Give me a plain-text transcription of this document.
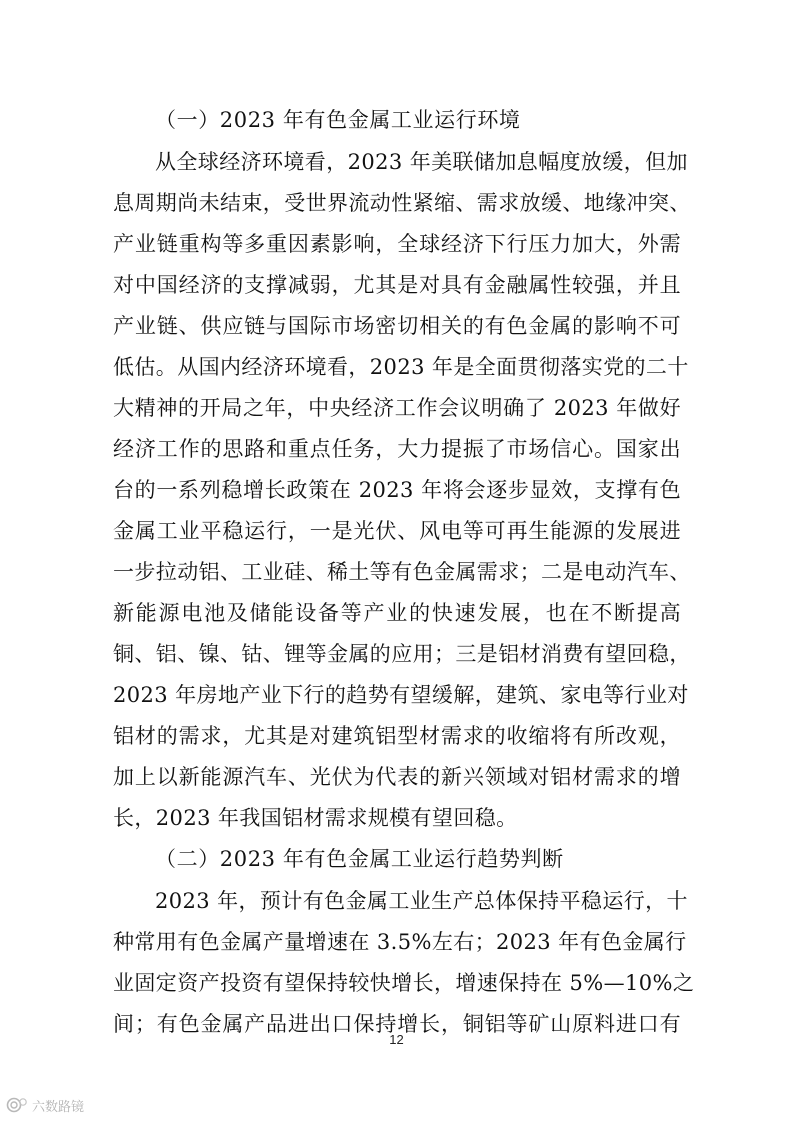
（一）2023 年有色金属工业运行环境
从全球经济环境看，2023 年美联储加息幅度放缓，但加
息周期尚未结束，受世界流动性紧缩、需求放缓、地缘冲突、
产业链重构等多重因素影响，全球经济下行压力加大，外需
对中国经济的支撑减弱，尤其是对具有金融属性较强，并且
产业链、供应链与国际市场密切相关的有色金属的影响不可
低估。从国内经济环境看，2023 年是全面贯彻落实党的二十
大精神的开局之年，中央经济工作会议明确了 2023 年做好
经济工作的思路和重点任务，大力提振了市场信心。国家出
台的一系列稳增长政策在 2023 年将会逐步显效，支撑有色
金属工业平稳运行，一是光伏、风电等可再生能源的发展进
一步拉动铝、工业硅、稀土等有色金属需求；二是电动汽车、
新能源电池及储能设备等产业的快速发展，也在不断提高
铜、铝、镍、钴、锂等金属的应用；三是铝材消费有望回稳，
2023 年房地产业下行的趋势有望缓解，建筑、家电等行业对
铝材的需求，尤其是对建筑铝型材需求的收缩将有所改观，
加上以新能源汽车、光伏为代表的新兴领域对铝材需求的增
长，2023 年我国铝材需求规模有望回稳。
（二）2023 年有色金属工业运行趋势判断
2023 年，预计有色金属工业生产总体保持平稳运行，十
种常用有色金属产量增速在 3.5%左右；2023 年有色金属行
业固定资产投资有望保持较快增长，增速保持在 5%—10%之
间；有色金属产品进出口保持增长，铜铝等矿山原料进口有
12
六数路镜
